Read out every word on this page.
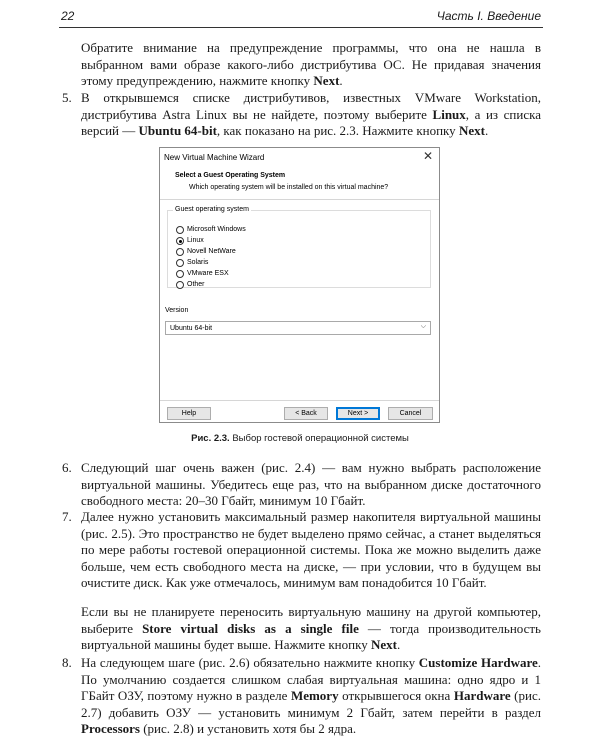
22	Часть I. Введение

Обратите внимание на предупреждение программы, что она не нашла в выбранном вами образе какого-либо дистрибутива ОС. Не придавая значения этому предупреждению, нажмите кнопку Next.

5. В открывшемся списке дистрибутивов, известных VMware Workstation, дистрибутива Astra Linux вы не найдете, поэтому выберите Linux, а из списка версий — Ubuntu 64-bit, как показано на рис. 2.3. Нажмите кнопку Next.

New Virtual Machine Wizard	✕
Select a Guest Operating System
Which operating system will be installed on this virtual machine?
Guest operating system
Microsoft Windows
Linux
Novell NetWare
Solaris
VMware ESX
Other
Version
Ubuntu 64-bit	⌵
Help	< Back	Next >	Cancel
Рис. 2.3. Выбор гостевой операционной системы

6. Следующий шаг очень важен (рис. 2.4) — вам нужно выбрать расположение виртуальной машины. Убедитесь еще раз, что на выбранном диске достаточного свободного места: 20–30 Гбайт, минимум 10 Гбайт.

7. Далее нужно установить максимальный размер накопителя виртуальной машины (рис. 2.5). Это пространство не будет выделено прямо сейчас, а станет выделяться по мере работы гостевой операционной системы. Пока же можно выделить даже больше, чем есть свободного места на диске, — при условии, что в будущем вы очистите диск. Как уже отмечалось, минимум вам понадобится 10 Гбайт.

Если вы не планируете переносить виртуальную машину на другой компьютер, выберите Store virtual disks as a single file — тогда производительность виртуальной машины будет выше. Нажмите кнопку Next.

8. На следующем шаге (рис. 2.6) обязательно нажмите кнопку Customize Hardware. По умолчанию создается слишком слабая виртуальная машина: одно ядро и 1 ГБайт ОЗУ, поэтому нужно в разделе Memory открывшегося окна Hardware (рис. 2.7) добавить ОЗУ — установить минимум 2 Гбайт, затем перейти в раздел Processors (рис. 2.8) и установить хотя бы 2 ядра.
